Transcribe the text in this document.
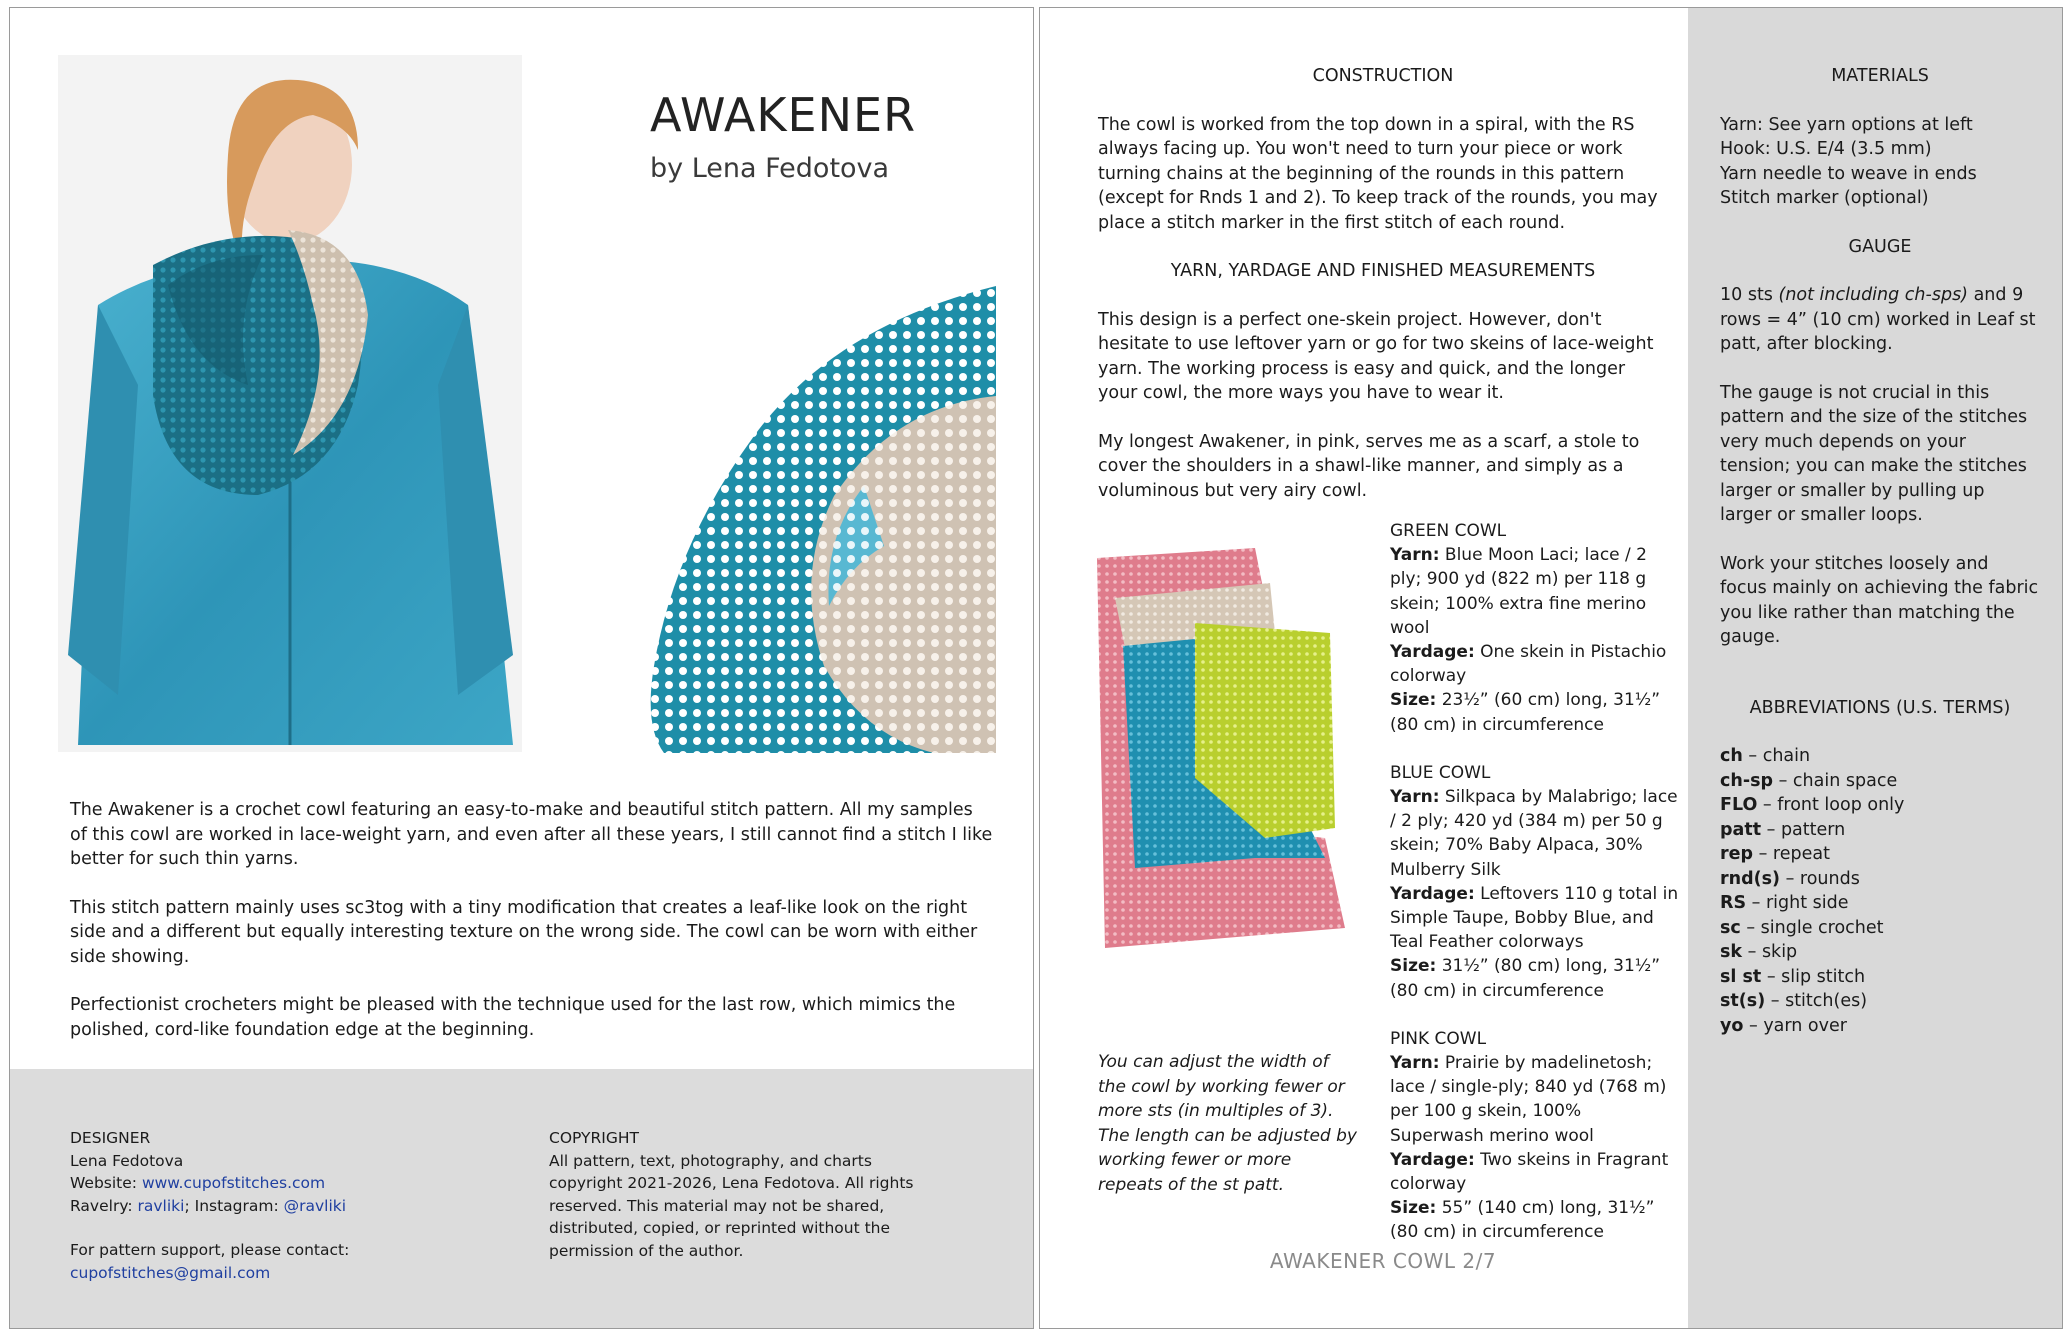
AWAKENER
by Lena Fedotova

The Awakener is a crochet cowl featuring an easy-to-make and beautiful stitch pattern. All my samples of this cowl are worked in lace-weight yarn, and even after all these years, I still cannot find a stitch I like better for such thin yarns.

This stitch pattern mainly uses sc3tog with a tiny modification that creates a leaf-like look on the right side and a different but equally interesting texture on the wrong side. The cowl can be worn with either side showing.

Perfectionist crocheters might be pleased with the technique used for the last row, which mimics the polished, cord-like foundation edge at the beginning.

DESIGNER
Lena Fedotova
Website: www.cupofstitches.com
Ravelry: ravliki; Instagram: @ravliki
For pattern support, please contact:
cupofstitches@gmail.com
COPYRIGHT
All pattern, text, photography, and charts copyright 2021-2026, Lena Fedotova. All rights reserved. This material may not be shared, distributed, copied, or reprinted without the permission of the author.
CONSTRUCTION

The cowl is worked from the top down in a spiral, with the RS always facing up. You won't need to turn your piece or work turning chains at the beginning of the rounds in this pattern (except for Rnds 1 and 2). To keep track of the rounds, you may place a stitch marker in the first stitch of each round.

YARN, YARDAGE AND FINISHED MEASUREMENTS

This design is a perfect one-skein project. However, don't hesitate to use leftover yarn or go for two skeins of lace-weight yarn. The working process is easy and quick, and the longer your cowl, the more ways you have to wear it.

My longest Awakener, in pink, serves me as a scarf, a stole to cover the shoulders in a shawl-like manner, and simply as a voluminous but very airy cowl.

You can adjust the width of the cowl by working fewer or more sts (in multiples of 3). The length can be adjusted by working fewer or more repeats of the st patt.
GREEN COWL
Yarn: Blue Moon Laci; lace / 2 ply; 900 yd (822 m) per 118 g skein; 100% extra fine merino wool
Yardage: One skein in Pistachio colorway
Size: 23½” (60 cm) long, 31½” (80 cm) in circumference
BLUE COWL
Yarn: Silkpaca by Malabrigo; lace / 2 ply; 420 yd (384 m) per 50 g skein; 70% Baby Alpaca, 30% Mulberry Silk
Yardage: Leftovers 110 g total in Simple Taupe, Bobby Blue, and Teal Feather colorways
Size: 31½” (80 cm) long, 31½” (80 cm) in circumference
PINK COWL
Yarn: Prairie by madelinetosh; lace / single-ply; 840 yd (768 m) per 100 g skein, 100% Superwash merino wool
Yardage: Two skeins in Fragrant colorway
Size: 55” (140 cm) long, 31½” (80 cm) in circumference
AWAKENER COWL 2/7
MATERIALS

Yarn: See yarn options at left
Hook: U.S. E/4 (3.5 mm)
Yarn needle to weave in ends
Stitch marker (optional)

GAUGE

10 sts (not including ch-sps) and 9 rows = 4” (10 cm) worked in Leaf st patt, after blocking.

The gauge is not crucial in this pattern and the size of the stitches very much depends on your tension; you can make the stitches larger or smaller by pulling up larger or smaller loops.

Work your stitches loosely and focus mainly on achieving the fabric you like rather than matching the gauge.

ABBREVIATIONS (U.S. TERMS)
ch – chain
ch-sp – chain space
FLO – front loop only
patt – pattern
rep – repeat
rnd(s) – rounds
RS – right side
sc – single crochet
sk – skip
sl st – slip stitch
st(s) – stitch(es)
yo – yarn over
